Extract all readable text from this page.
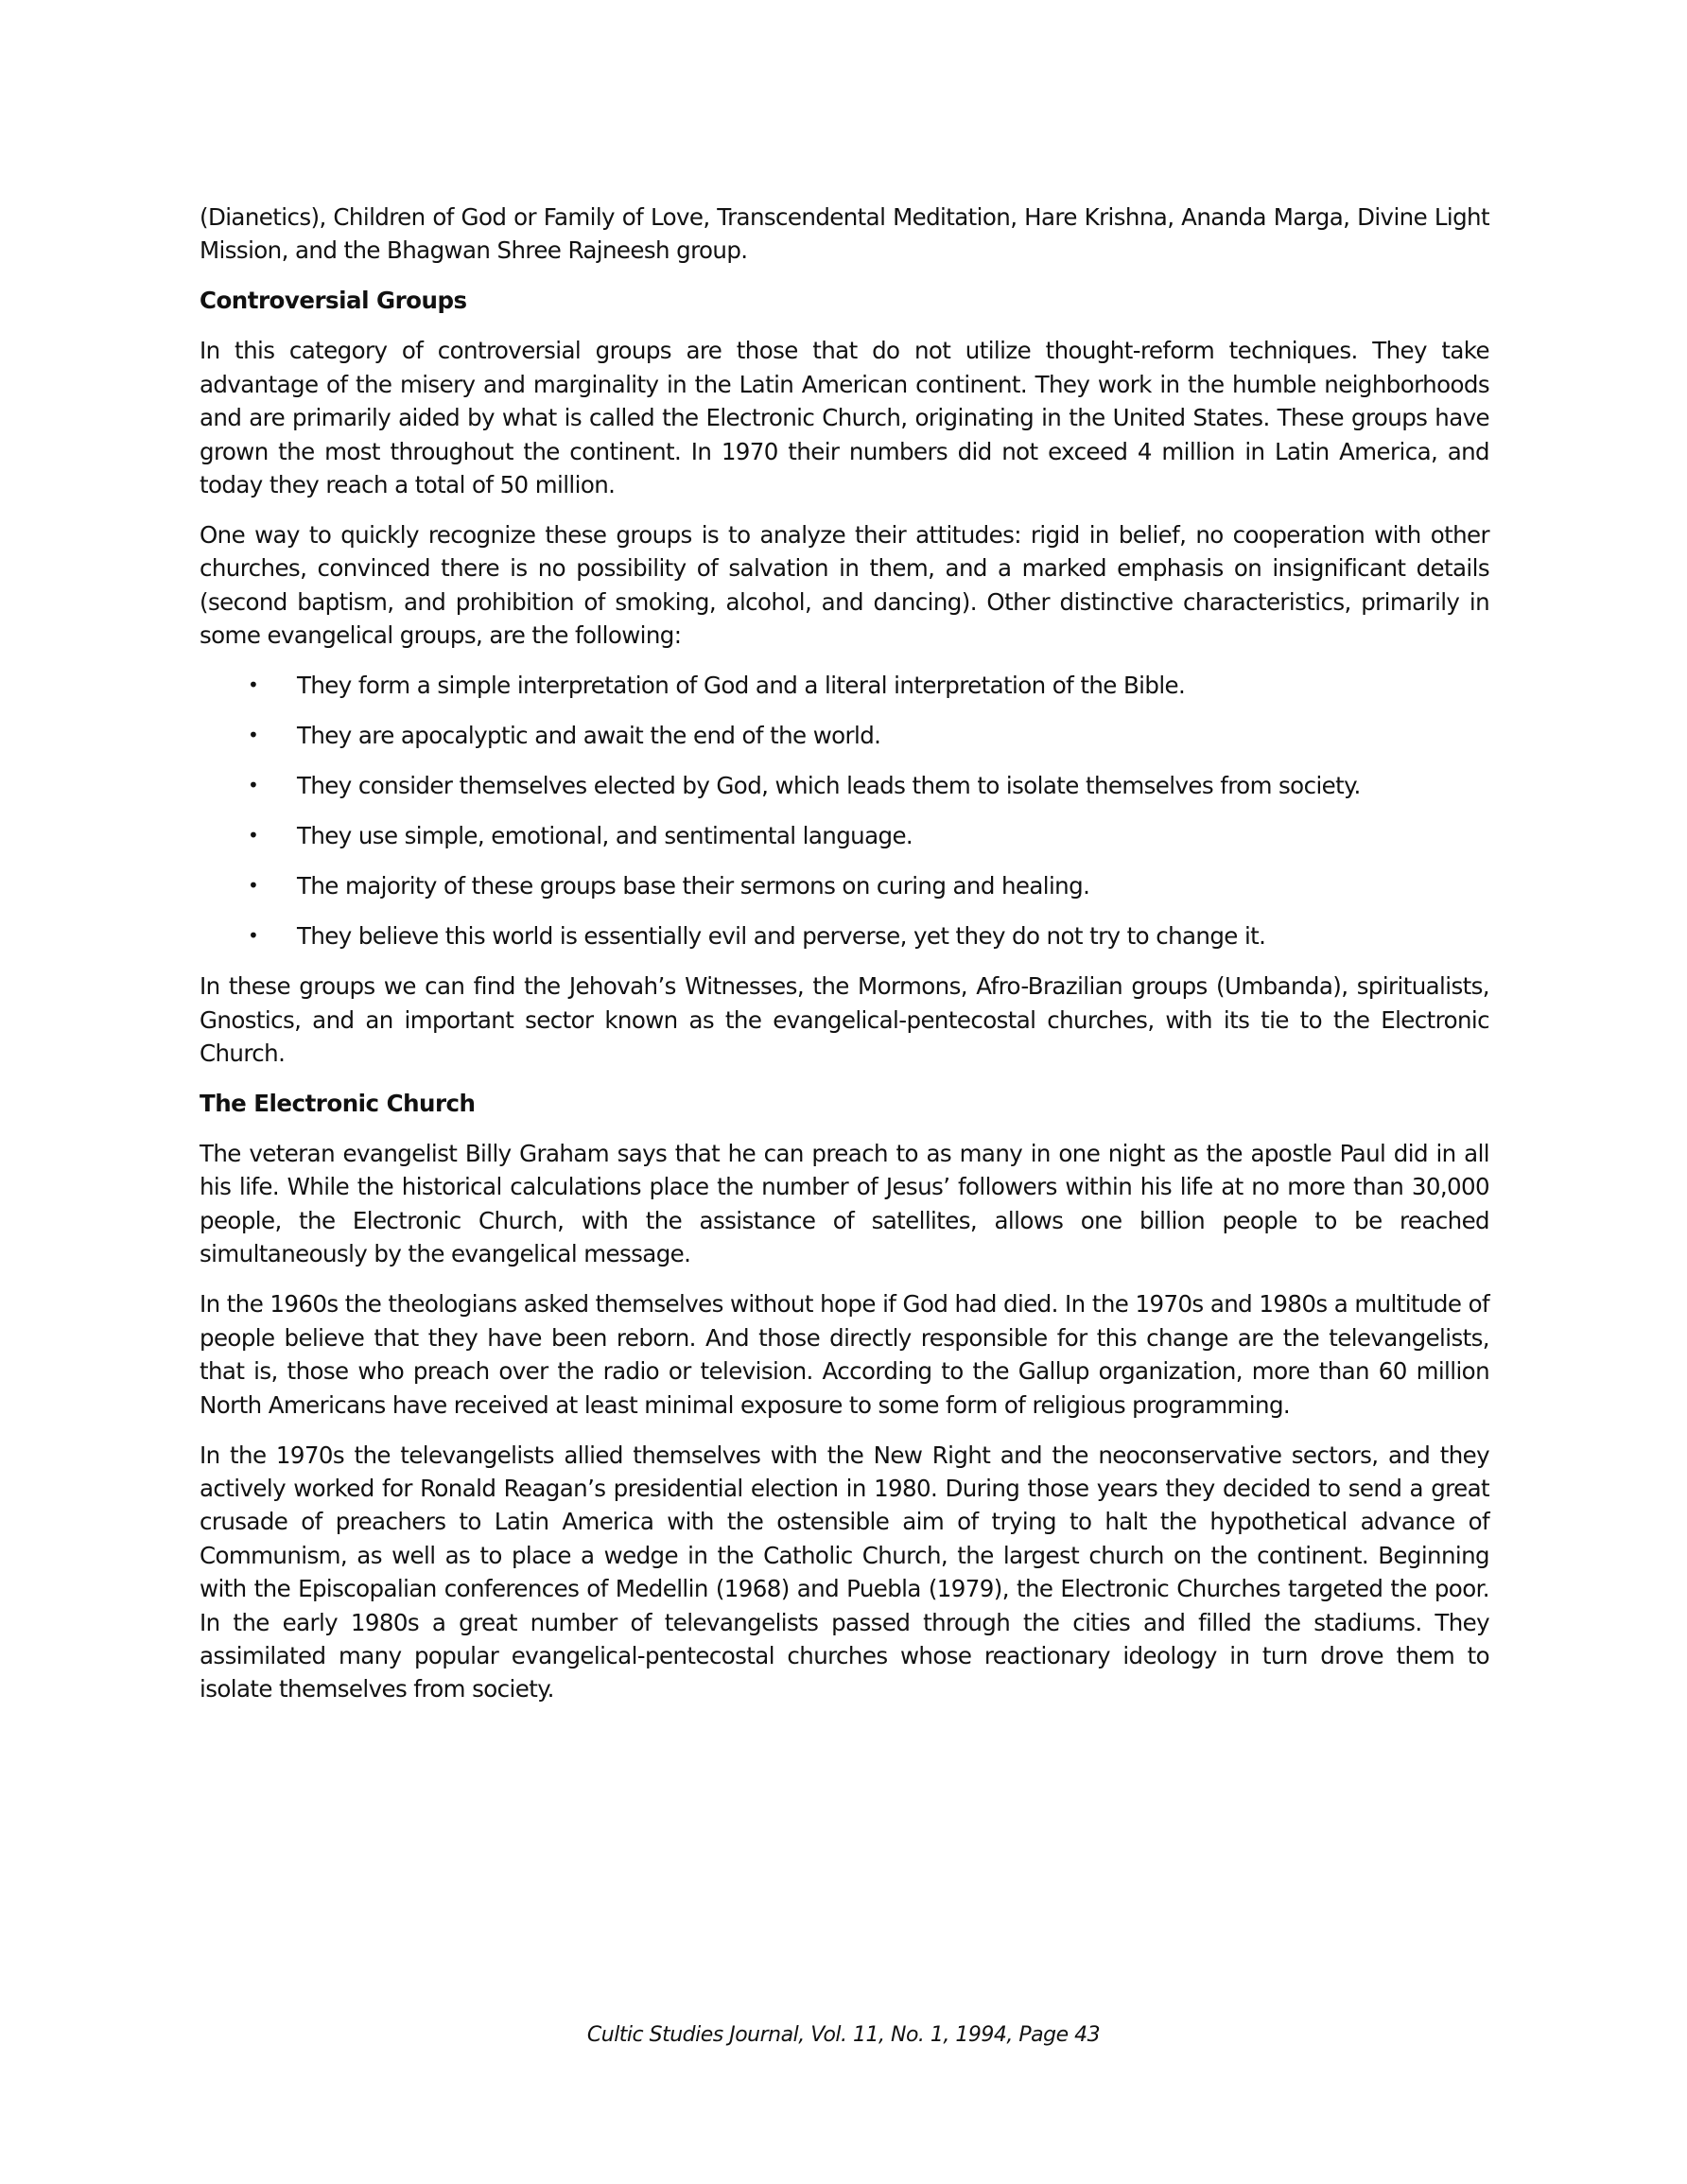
(Dianetics), Children of God or Family of Love, Transcendental Meditation, Hare Krishna, Ananda Marga, Divine Light Mission, and the Bhagwan Shree Rajneesh group.

Controversial Groups

In this category of controversial groups are those that do not utilize thought-reform techniques. They take advantage of the misery and marginality in the Latin American continent. They work in the humble neighborhoods and are primarily aided by what is called the Electronic Church, originating in the United States. These groups have grown the most throughout the continent. In 1970 their numbers did not exceed 4 million in Latin America, and today they reach a total of 50 million.

One way to quickly recognize these groups is to analyze their attitudes: rigid in belief, no cooperation with other churches, convinced there is no possibility of salvation in them, and a marked emphasis on insignificant details (second baptism, and prohibition of smoking, alcohol, and dancing). Other distinctive characteristics, primarily in some evangelical groups, are the following:

• They form a simple interpretation of God and a literal interpretation of the Bible.
• They are apocalyptic and await the end of the world.
• They consider themselves elected by God, which leads them to isolate themselves from society.
• They use simple, emotional, and sentimental language.
• The majority of these groups base their sermons on curing and healing.
• They believe this world is essentially evil and perverse, yet they do not try to change it.

In these groups we can find the Jehovah’s Witnesses, the Mormons, Afro-Brazilian groups (Umbanda), spiritualists, Gnostics, and an important sector known as the evangelical-pentecostal churches, with its tie to the Electronic Church.

The Electronic Church

The veteran evangelist Billy Graham says that he can preach to as many in one night as the apostle Paul did in all his life. While the historical calculations place the number of Jesus’ followers within his life at no more than 30,000 people, the Electronic Church, with the assistance of satellites, allows one billion people to be reached simultaneously by the evangelical message.

In the 1960s the theologians asked themselves without hope if God had died. In the 1970s and 1980s a multitude of people believe that they have been reborn. And those directly responsible for this change are the televangelists, that is, those who preach over the radio or television. According to the Gallup organization, more than 60 million North Americans have received at least minimal exposure to some form of religious programming.

In the 1970s the televangelists allied themselves with the New Right and the neoconservative sectors, and they actively worked for Ronald Reagan’s presidential election in 1980. During those years they decided to send a great crusade of preachers to Latin America with the ostensible aim of trying to halt the hypothetical advance of Communism, as well as to place a wedge in the Catholic Church, the largest church on the continent. Beginning with the Episcopalian conferences of Medellin (1968) and Puebla (1979), the Electronic Churches targeted the poor. In the early 1980s a great number of televangelists passed through the cities and filled the stadiums. They assimilated many popular evangelical-pentecostal churches whose reactionary ideology in turn drove them to isolate themselves from society.

Cultic Studies Journal, Vol. 11, No. 1, 1994, Page 43
